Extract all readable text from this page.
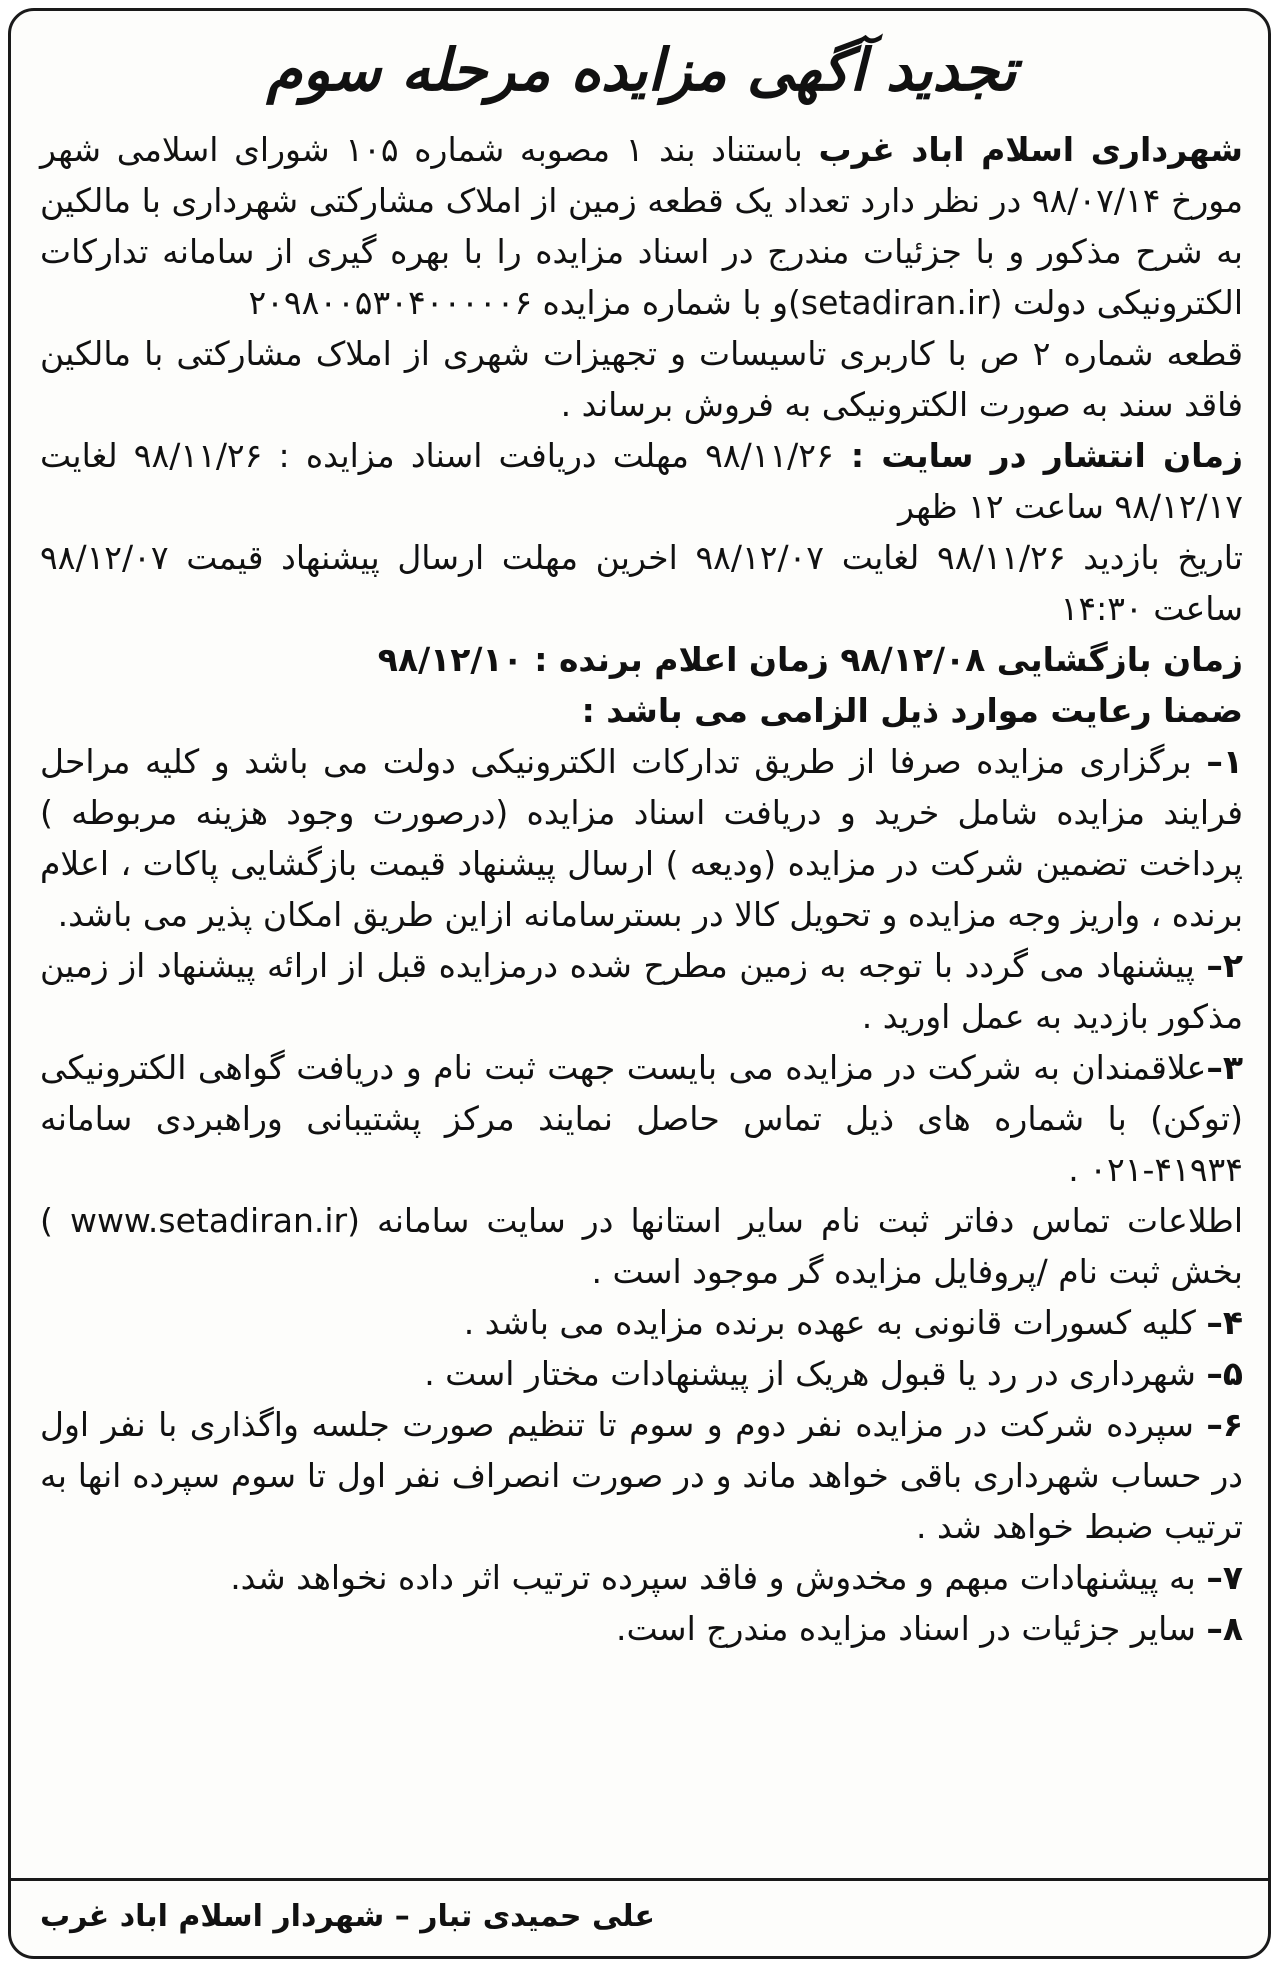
تجدید آگهی مزایده مرحله سوم

شهرداری اسلام اباد غرب باستناد بند ۱ مصوبه شماره ۱۰۵ شورای اسلامی شهر مورخ ۹۸/۰۷/۱۴ در نظر دارد تعداد یک قطعه زمین از املاک مشارکتی شهرداری با مالکین به شرح مذکور و با جزئیات مندرج در اسناد مزایده را با بهره گیری از سامانه تدارکات الکترونیکی دولت (setadiran.ir)و با شماره مزایده ۲۰۹۸۰۰۵۳۰۴۰۰۰۰۰۶

قطعه شماره ۲ ص با کاربری تاسیسات و تجهیزات شهری از املاک مشارکتی با مالکین فاقد سند به صورت الکترونیکی به فروش برساند .

زمان انتشار در سایت : ۹۸/۱۱/۲۶ مهلت دریافت اسناد مزایده : ۹۸/۱۱/۲۶ لغایت ۹۸/۱۲/۱۷ ساعت ۱۲ ظهر

تاریخ بازدید ۹۸/۱۱/۲۶ لغایت ۹۸/۱۲/۰۷ اخرین مهلت ارسال پیشنهاد قیمت ۹۸/۱۲/۰۷ ساعت ۱۴:۳۰

زمان بازگشایی ۹۸/۱۲/۰۸ زمان اعلام برنده : ۹۸/۱۲/۱۰

ضمنا رعایت موارد ذیل الزامی می باشد :

۱– برگزاری مزایده صرفا از طریق تدارکات الکترونیکی دولت می باشد و کلیه مراحل فرایند مزایده شامل خرید و دریافت اسناد مزایده (درصورت وجود هزینه مربوطه ) پرداخت تضمین شرکت در مزایده (ودیعه ) ارسال پیشنهاد قیمت بازگشایی پاکات ، اعلام برنده ، واریز وجه مزایده و تحویل کالا در بسترسامانه ازاین طریق امکان پذیر می باشد.

۲– پیشنهاد می گردد با توجه به زمین مطرح شده درمزایده قبل از ارائه پیشنهاد از زمین مذکور بازدید به عمل اورید .

۳–علاقمندان به شرکت در مزایده می بایست جهت ثبت نام و دریافت گواهی الکترونیکی (توکن) با شماره های ذیل تماس حاصل نمایند مرکز پشتیبانی وراهبردی سامانه ۴۱۹۳۴-۰۲۱ .

اطلاعات تماس دفاتر ثبت نام سایر استانها در سایت سامانه (www.setadiran.ir ) بخش ثبت نام /پروفایل مزایده گر موجود است .

۴– کلیه کسورات قانونی به عهده برنده مزایده می باشد .

۵– شهرداری در رد یا قبول هریک از پیشنهادات مختار است .

۶– سپرده شرکت در مزایده نفر دوم و سوم تا تنظیم صورت جلسه واگذاری با نفر اول در حساب شهرداری باقی خواهد ماند و در صورت انصراف نفر اول تا سوم سپرده انها به ترتیب ضبط خواهد شد .

۷– به پیشنهادات مبهم و مخدوش و فاقد سپرده ترتیب اثر داده نخواهد شد.

۸– سایر جزئیات در اسناد مزایده مندرج است.

علی حمیدی تبار – شهردار اسلام اباد غرب
